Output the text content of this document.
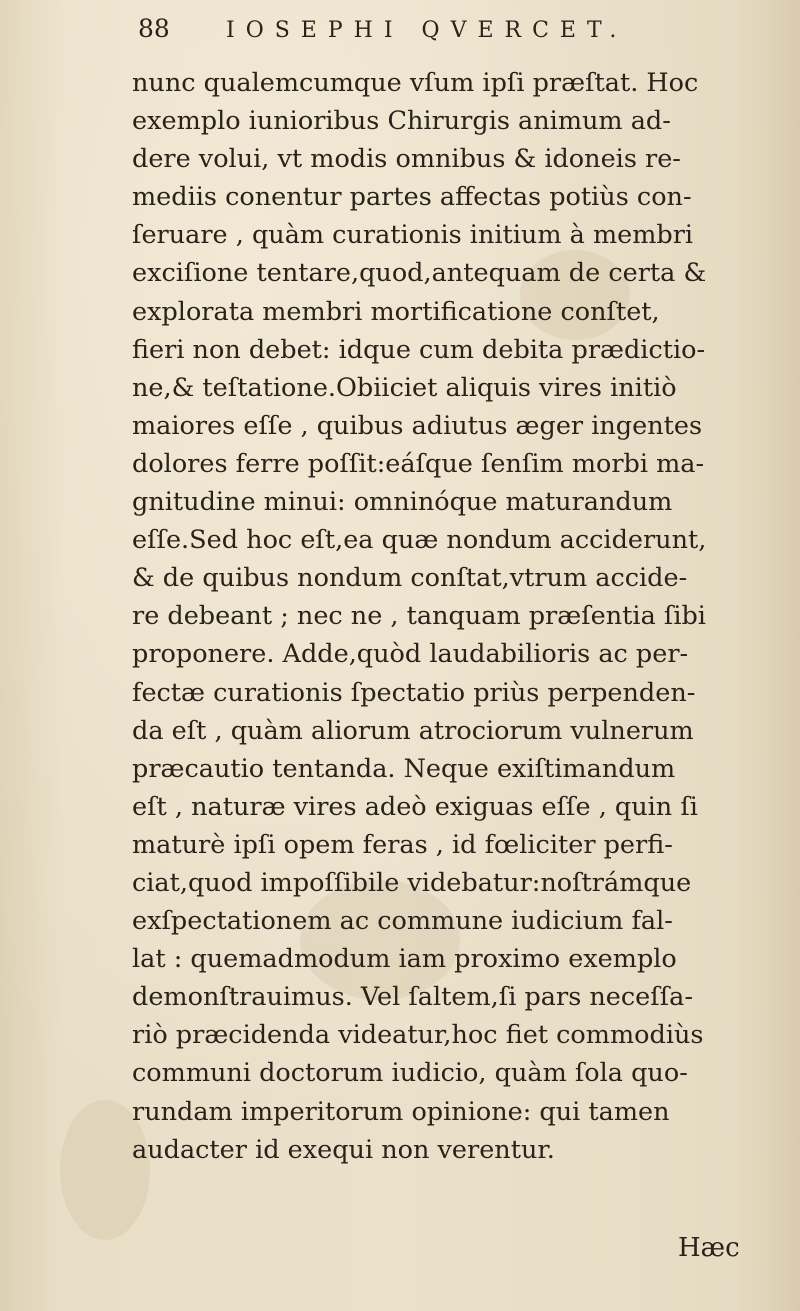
88	IOSEPHI QVERCET.
nunc qualemcumque vſum ipſi præſtat. Hoc
exemplo iunioribus Chirurgis animum ad-
dere volui, vt modis omnibus & idoneis re-
mediis conentur partes affectas potiùs con-
ſeruare , quàm curationis initium à membri
exciſione tentare,quod,antequam de certa &
explorata membri mortificatione conſtet,
fieri non debet: idque cum debita prædictio-
ne,& teſtatione.Obiiciet aliquis vires initiò
maiores eſſe , quibus adiutus æger ingentes
dolores ferre poſſit:eáſque ſenſim morbi ma-
gnitudine minui: omninóque maturandum
eſſe.Sed hoc eſt,ea quæ nondum acciderunt,
& de quibus nondum conſtat,vtrum accide-
re debeant ; nec ne , tanquam præſentia ſibi
proponere. Adde,quòd laudabilioris ac per-
fectæ curationis ſpectatio priùs perpenden-
da eſt , quàm aliorum atrociorum vulnerum
præcautio tentanda. Neque exiſtimandum
eſt , naturæ vires adeò exiguas eſſe , quin ſi
maturè ipſi opem feras , id fœliciter perfi-
ciat,quod impoſſibile videbatur:noſtrámque
exſpectationem ac commune iudicium fal-
lat : quemadmodum iam proximo exemplo
demonſtrauimus. Vel ſaltem,ſi pars neceſſa-
riò præcidenda videatur,hoc fiet commodiùs
communi doctorum iudicio, quàm ſola quo-
rundam imperitorum opinione: qui tamen
audacter id exequi non verentur.
Hæc
